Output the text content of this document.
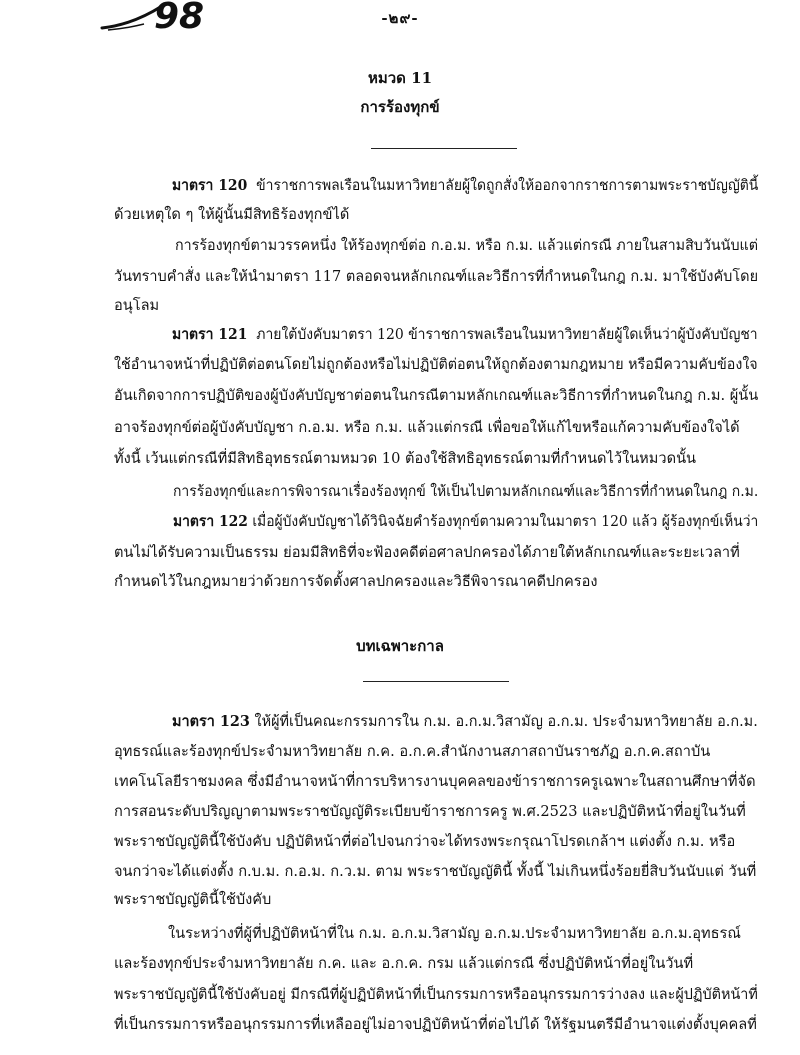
98	-๒๙-
หมวด 11
การร้องทุกข์
มาตรา 120 ข้าราชการพลเรือนในมหาวิทยาลัยผู้ใดถูกสั่งให้ออกจากราชการตามพระราชบัญญัตินี้
ด้วยเหตุใด ๆ ให้ผู้นั้นมีสิทธิร้องทุกข์ได้
การร้องทุกข์ตามวรรคหนึ่ง ให้ร้องทุกข์ต่อ ก.อ.ม. หรือ ก.ม. แล้วแต่กรณี ภายในสามสิบวันนับแต่
วันทราบคำสั่ง และให้นำมาตรา 117 ตลอดจนหลักเกณฑ์และวิธีการที่กำหนดในกฎ ก.ม. มาใช้บังคับโดย
อนุโลม
มาตรา 121 ภายใต้บังคับมาตรา 120 ข้าราชการพลเรือนในมหาวิทยาลัยผู้ใดเห็นว่าผู้บังคับบัญชา
ใช้อำนาจหน้าที่ปฏิบัติต่อตนโดยไม่ถูกต้องหรือไม่ปฏิบัติต่อตนให้ถูกต้องตามกฎหมาย หรือมีความคับข้องใจ
อันเกิดจากการปฏิบัติของผู้บังคับบัญชาต่อตนในกรณีตามหลักเกณฑ์และวิธีการที่กำหนดในกฎ ก.ม. ผู้นั้น
อาจร้องทุกข์ต่อผู้บังคับบัญชา ก.อ.ม. หรือ ก.ม. แล้วแต่กรณี เพื่อขอให้แก้ไขหรือแก้ความคับข้องใจได้
ทั้งนี้ เว้นแต่กรณีที่มีสิทธิอุทธรณ์ตามหมวด 10 ต้องใช้สิทธิอุทธรณ์ตามที่กำหนดไว้ในหมวดนั้น
การร้องทุกข์และการพิจารณาเรื่องร้องทุกข์ ให้เป็นไปตามหลักเกณฑ์และวิธีการที่กำหนดในกฎ ก.ม.
มาตรา 122 เมื่อผู้บังคับบัญชาได้วินิจฉัยคำร้องทุกข์ตามความในมาตรา 120 แล้ว ผู้ร้องทุกข์เห็นว่า
ตนไม่ได้รับความเป็นธรรม ย่อมมีสิทธิที่จะฟ้องคดีต่อศาลปกครองได้ภายใต้หลักเกณฑ์และระยะเวลาที่
กำหนดไว้ในกฎหมายว่าด้วยการจัดตั้งศาลปกครองและวิธีพิจารณาคดีปกครอง
บทเฉพาะกาล
มาตรา 123 ให้ผู้ที่เป็นคณะกรรมการใน ก.ม. อ.ก.ม.วิสามัญ อ.ก.ม. ประจำมหาวิทยาลัย อ.ก.ม.
อุทธรณ์และร้องทุกข์ประจำมหาวิทยาลัย ก.ค. อ.ก.ค.สำนักงานสภาสถาบันราชภัฏ อ.ก.ค.สถาบัน
เทคโนโลยีราชมงคล ซึ่งมีอำนาจหน้าที่การบริหารงานบุคคลของข้าราชการครูเฉพาะในสถานศึกษาที่จัด
การสอนระดับปริญญาตามพระราชบัญญัติระเบียบข้าราชการครู พ.ศ.2523 และปฏิบัติหน้าที่อยู่ในวันที่
พระราชบัญญัตินี้ใช้บังคับ ปฏิบัติหน้าที่ต่อไปจนกว่าจะได้ทรงพระกรุณาโปรดเกล้าฯ แต่งตั้ง ก.ม. หรือ
จนกว่าจะได้แต่งตั้ง ก.บ.ม. ก.อ.ม. ก.ว.ม. ตาม พระราชบัญญัตินี้ ทั้งนี้ ไม่เกินหนึ่งร้อยยี่สิบวันนับแต่ วันที่
พระราชบัญญัตินี้ใช้บังคับ
ในระหว่างที่ผู้ที่ปฏิบัติหน้าที่ใน ก.ม. อ.ก.ม.วิสามัญ อ.ก.ม.ประจำมหาวิทยาลัย อ.ก.ม.อุทธรณ์
และร้องทุกข์ประจำมหาวิทยาลัย ก.ค. และ อ.ก.ค. กรม แล้วแต่กรณี ซึ่งปฏิบัติหน้าที่อยู่ในวันที่
พระราชบัญญัตินี้ใช้บังคับอยู่ มีกรณีที่ผู้ปฏิบัติหน้าที่เป็นกรรมการหรืออนุกรรมการว่างลง และผู้ปฏิบัติหน้าที่
ที่เป็นกรรมการหรืออนุกรรมการที่เหลืออยู่ไม่อาจปฏิบัติหน้าที่ต่อไปได้ ให้รัฐมนตรีมีอำนาจแต่งตั้งบุคคลที่
